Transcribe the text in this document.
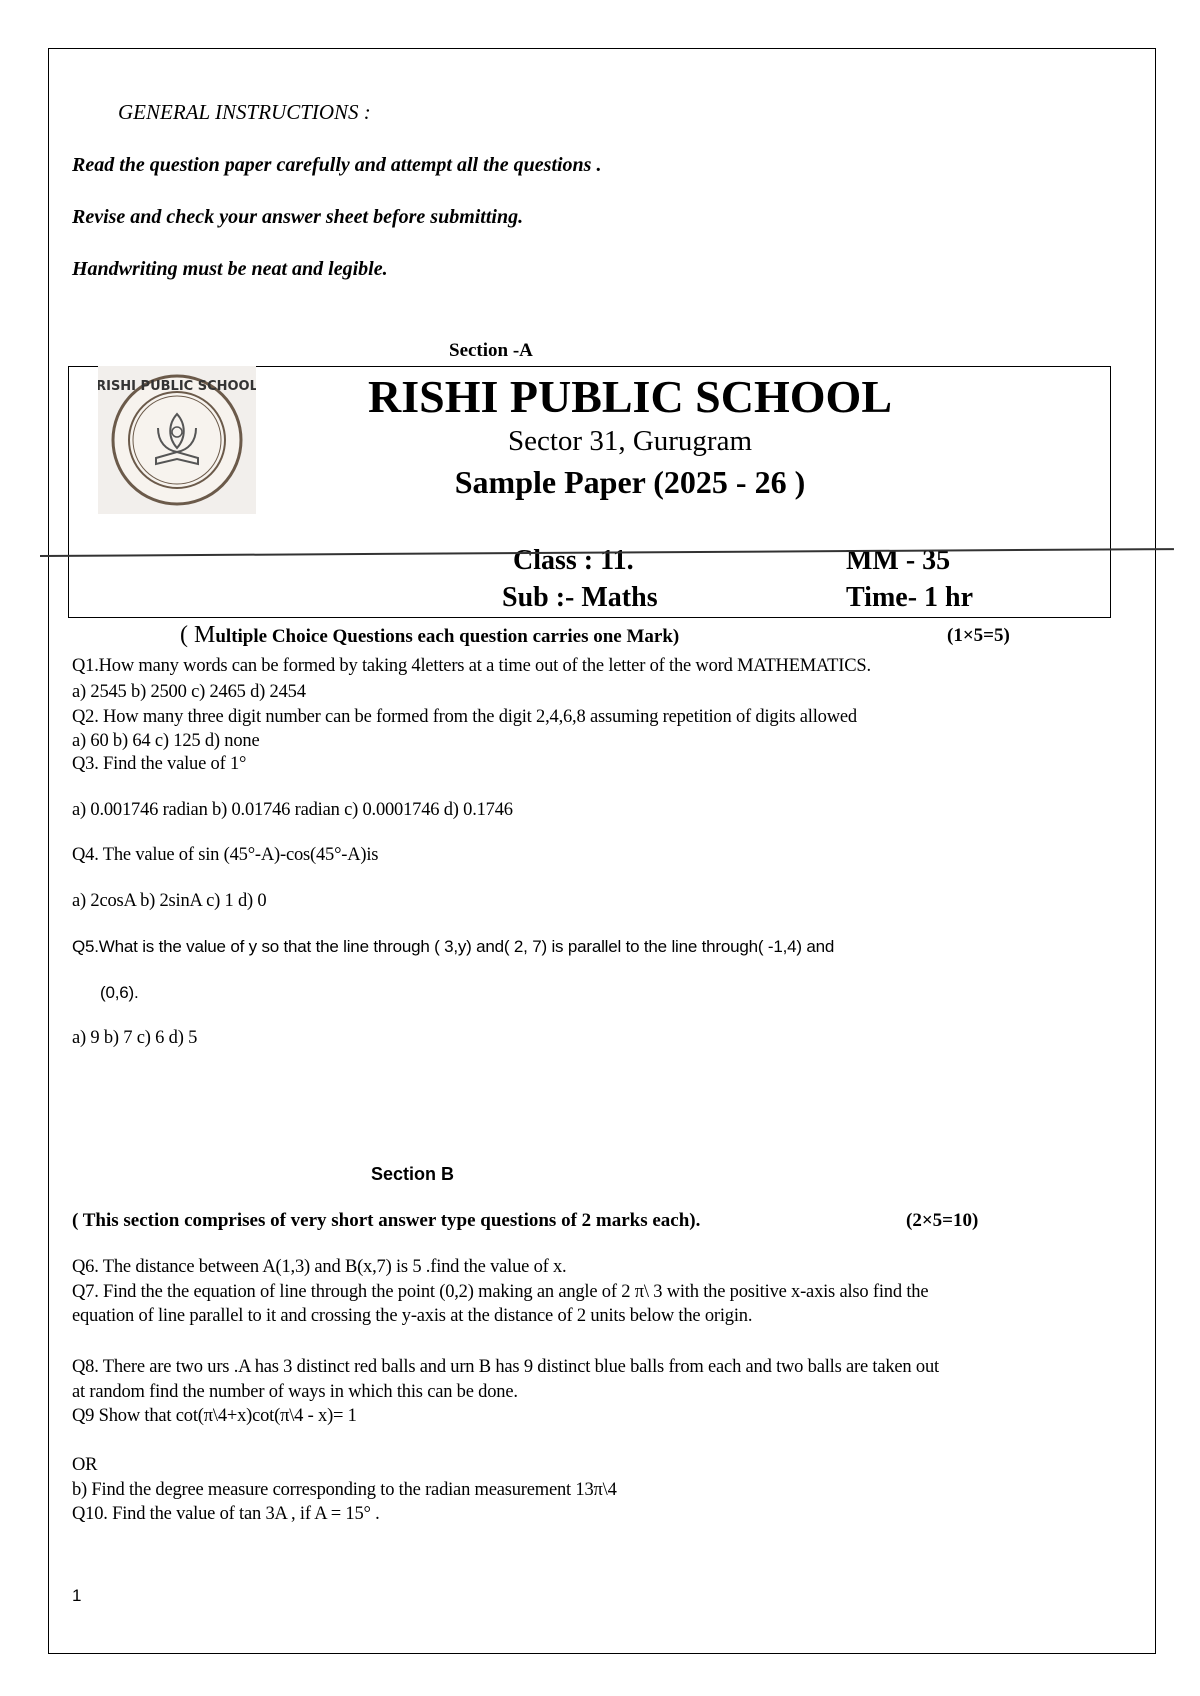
GENERAL INSTRUCTIONS :
Read the question paper carefully and attempt all the questions .
Revise and check your answer sheet before submitting.
Handwriting must be neat and legible.
Section -A
RISHI PUBLIC SCHOOL	RISHI PUBLIC SCHOOL
Sector 31, Gurugram
Sample Paper (2025 - 26 )
Class : 11.	MM - 35
Sub :- Maths	Time- 1 hr
( Multiple Choice Questions each question carries one Mark)	(1×5=5)
Q1.How many words can be formed by taking 4letters at a time out of the letter of the word MATHEMATICS.
a) 2545 b) 2500 c) 2465 d) 2454
Q2. How many three digit number can be formed from the digit 2,4,6,8 assuming repetition of digits allowed
a) 60 b) 64 c) 125 d) none
Q3. Find the value of 1°
a) 0.001746 radian b) 0.01746 radian c) 0.0001746 d) 0.1746
Q4. The value of sin (45°-A)-cos(45°-A)is
a) 2cosA b) 2sinA c) 1 d) 0
Q5.What is the value of y so that the line through ( 3,y) and( 2, 7) is parallel to the line through( -1,4) and
(0,6).
a) 9 b) 7 c) 6 d) 5
Section B
( This section comprises of very short answer type questions of 2 marks each).	(2×5=10)
Q6. The distance between A(1,3) and B(x,7) is 5 .find the value of x.
Q7. Find the the equation of line through the point (0,2) making an angle of 2 π\ 3 with the positive x-axis also find the
equation of line parallel to it and crossing the y-axis at the distance of 2 units below the origin.
Q8. There are two urs .A has 3 distinct red balls and urn B has 9 distinct blue balls from each and two balls are taken out
at random find the number of ways in which this can be done.
Q9 Show that cot(π\4+x)cot(π\4 - x)= 1
OR
b) Find the degree measure corresponding to the radian measurement 13π\4
Q10. Find the value of tan 3A , if A = 15° .
1
